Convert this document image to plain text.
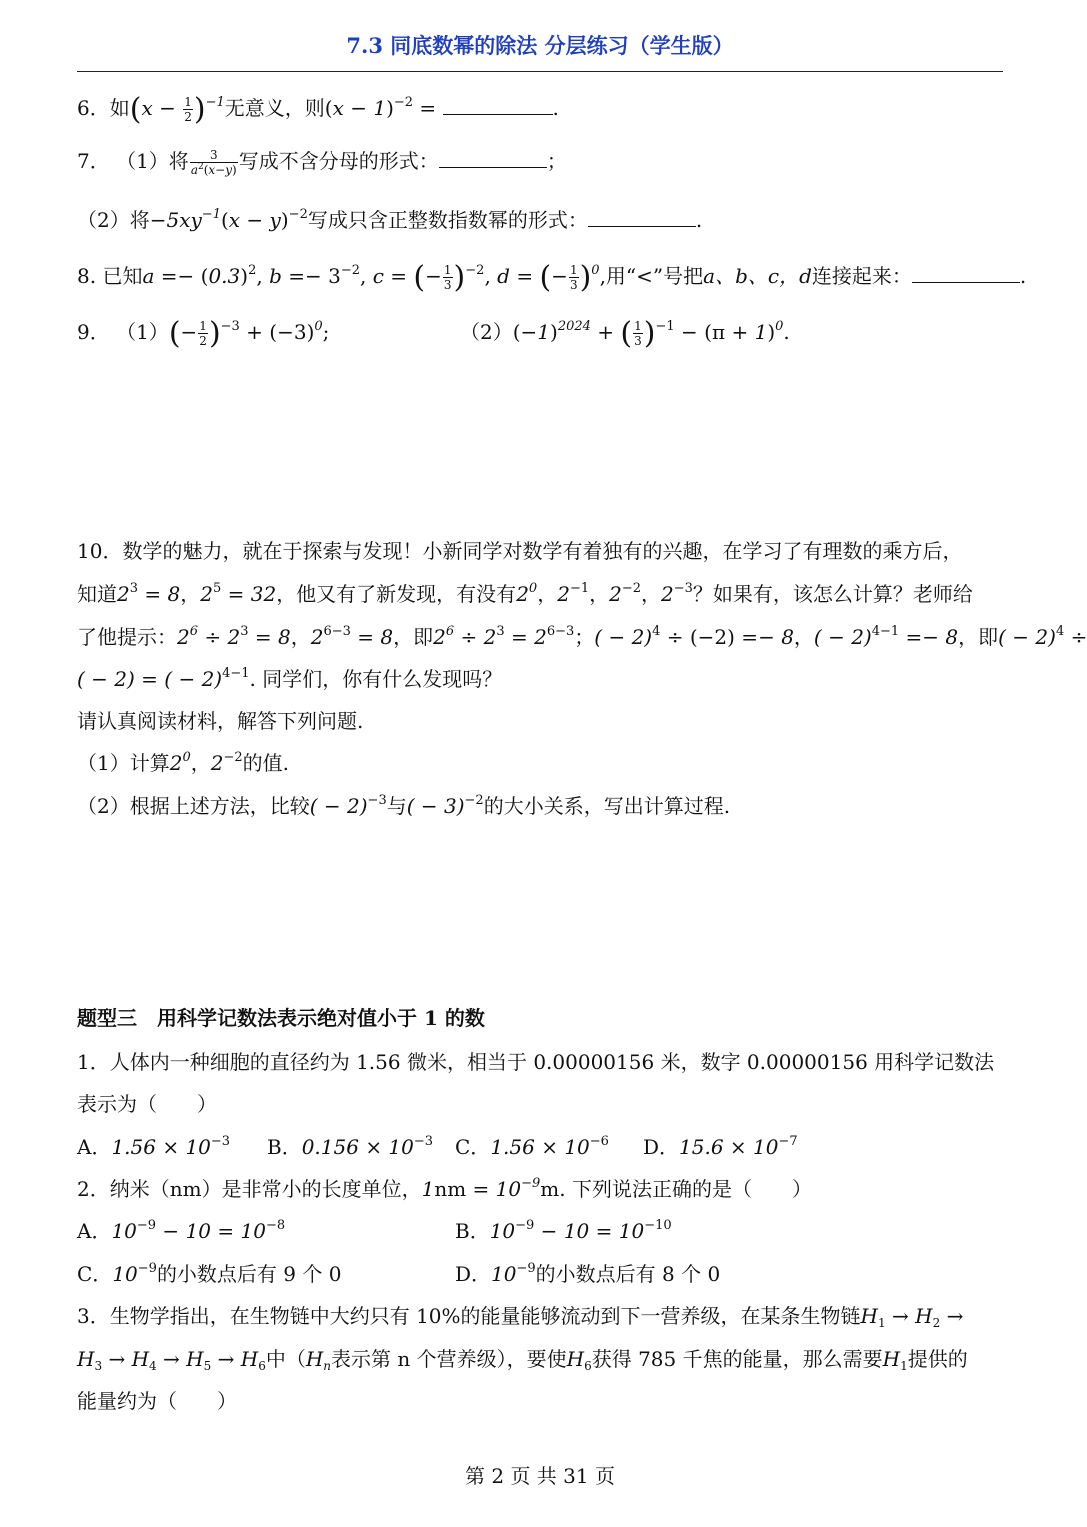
7.3 同底数幂的除法 分层练习（学生版）
6．如$(x - \frac{1}{2} )^{-1}$无意义，则$(x - 1)^{-2}$ =	.
7． （1）将 $\frac{3}{a^2(x-y)}$ 写成不含分母的形式：	；
（2）将$-5xy^{-1}(x - y)^{-2}$写成只含正整数指数幂的形式：	.
8. 已知$a =- (0.3)^2$, $b =- 3^{-2}$, c = (− $\frac{1}{3} )^{-2}$, d = (− $\frac{1}{3} )^0$,用“<”号把a、b、c，d连接起来：	.
9． $(1)(- \frac{1}{2} )^{-3} + (-3)^0$;	$(2)(-1)^{2024}$ + ( $\frac{1}{3} )^{-1} - (\pi + 1)^0$.
10．数学的魅力，就在于探索与发现！小新同学对数学有着独有的兴趣，在学习了有理数的乘方后，
知道$2^3 = 8$，$2^5 = 32$，他又有了新发现，有没有$2^0$，$2^{-1}$，$2^{-2}$，$2^{-3}$？如果有，该怎么计算？老师给
了他提示：$2^6 \div 2^3 = 8$，$2^{6-3} = 8$，即$2^6 \div 2^3 = 2^{6-3}$；( − 2)$^4$ ÷ (−2) =− 8，( − 2)$^{4-1}$ =− 8，即( − 2)$^4$ ÷
( − 2) = ( − 2)$^{4-1}$. 同学们，你有什么发现吗？
请认真阅读材料，解答下列问题.
（1）计算$2^0$，$2^{-2}$的值.
（2）根据上述方法，比较( − 2)$^{-3}$与( − 3)$^{-2}$的大小关系，写出计算过程.
题型三　用科学记数法表示绝对值小于 1 的数
1．人体内一种细胞的直径约为 1.56 微米，相当于 0.00000156 米，数字 0.00000156 用科学记数法
表示为（　　）
A．$1.56 \times 10^{-3}$ B．$0.156 \times 10^{-3}$ C．$1.56 \times 10^{-6}$ D．$15.6 \times 10^{-7}$
2．纳米（nm）是非常小的长度单位，$1nm = 10^{-9}m$. 下列说法正确的是（　　）
A．$10^{-9} - 10 = 10^{-8}$	B．$10^{-9} - 10 = 10^{-10}$
C．$10^{-9}$的小数点后有 9 个 0	D．$10^{-9}$的小数点后有 8 个 0
3．生物学指出，在生物链中大约只有 10%的能量能够流动到下一营养级，在某条生物链$H_1 \to H_2$ →
$H_3 \to H_4 \to H_5 \to H_6$中（$H_n$表示第 n 个营养级），要使$H_6$获得 785 千焦的能量，那么需要$H_1$提供的
能量约为（　　）
第 2 页 共 31 页
